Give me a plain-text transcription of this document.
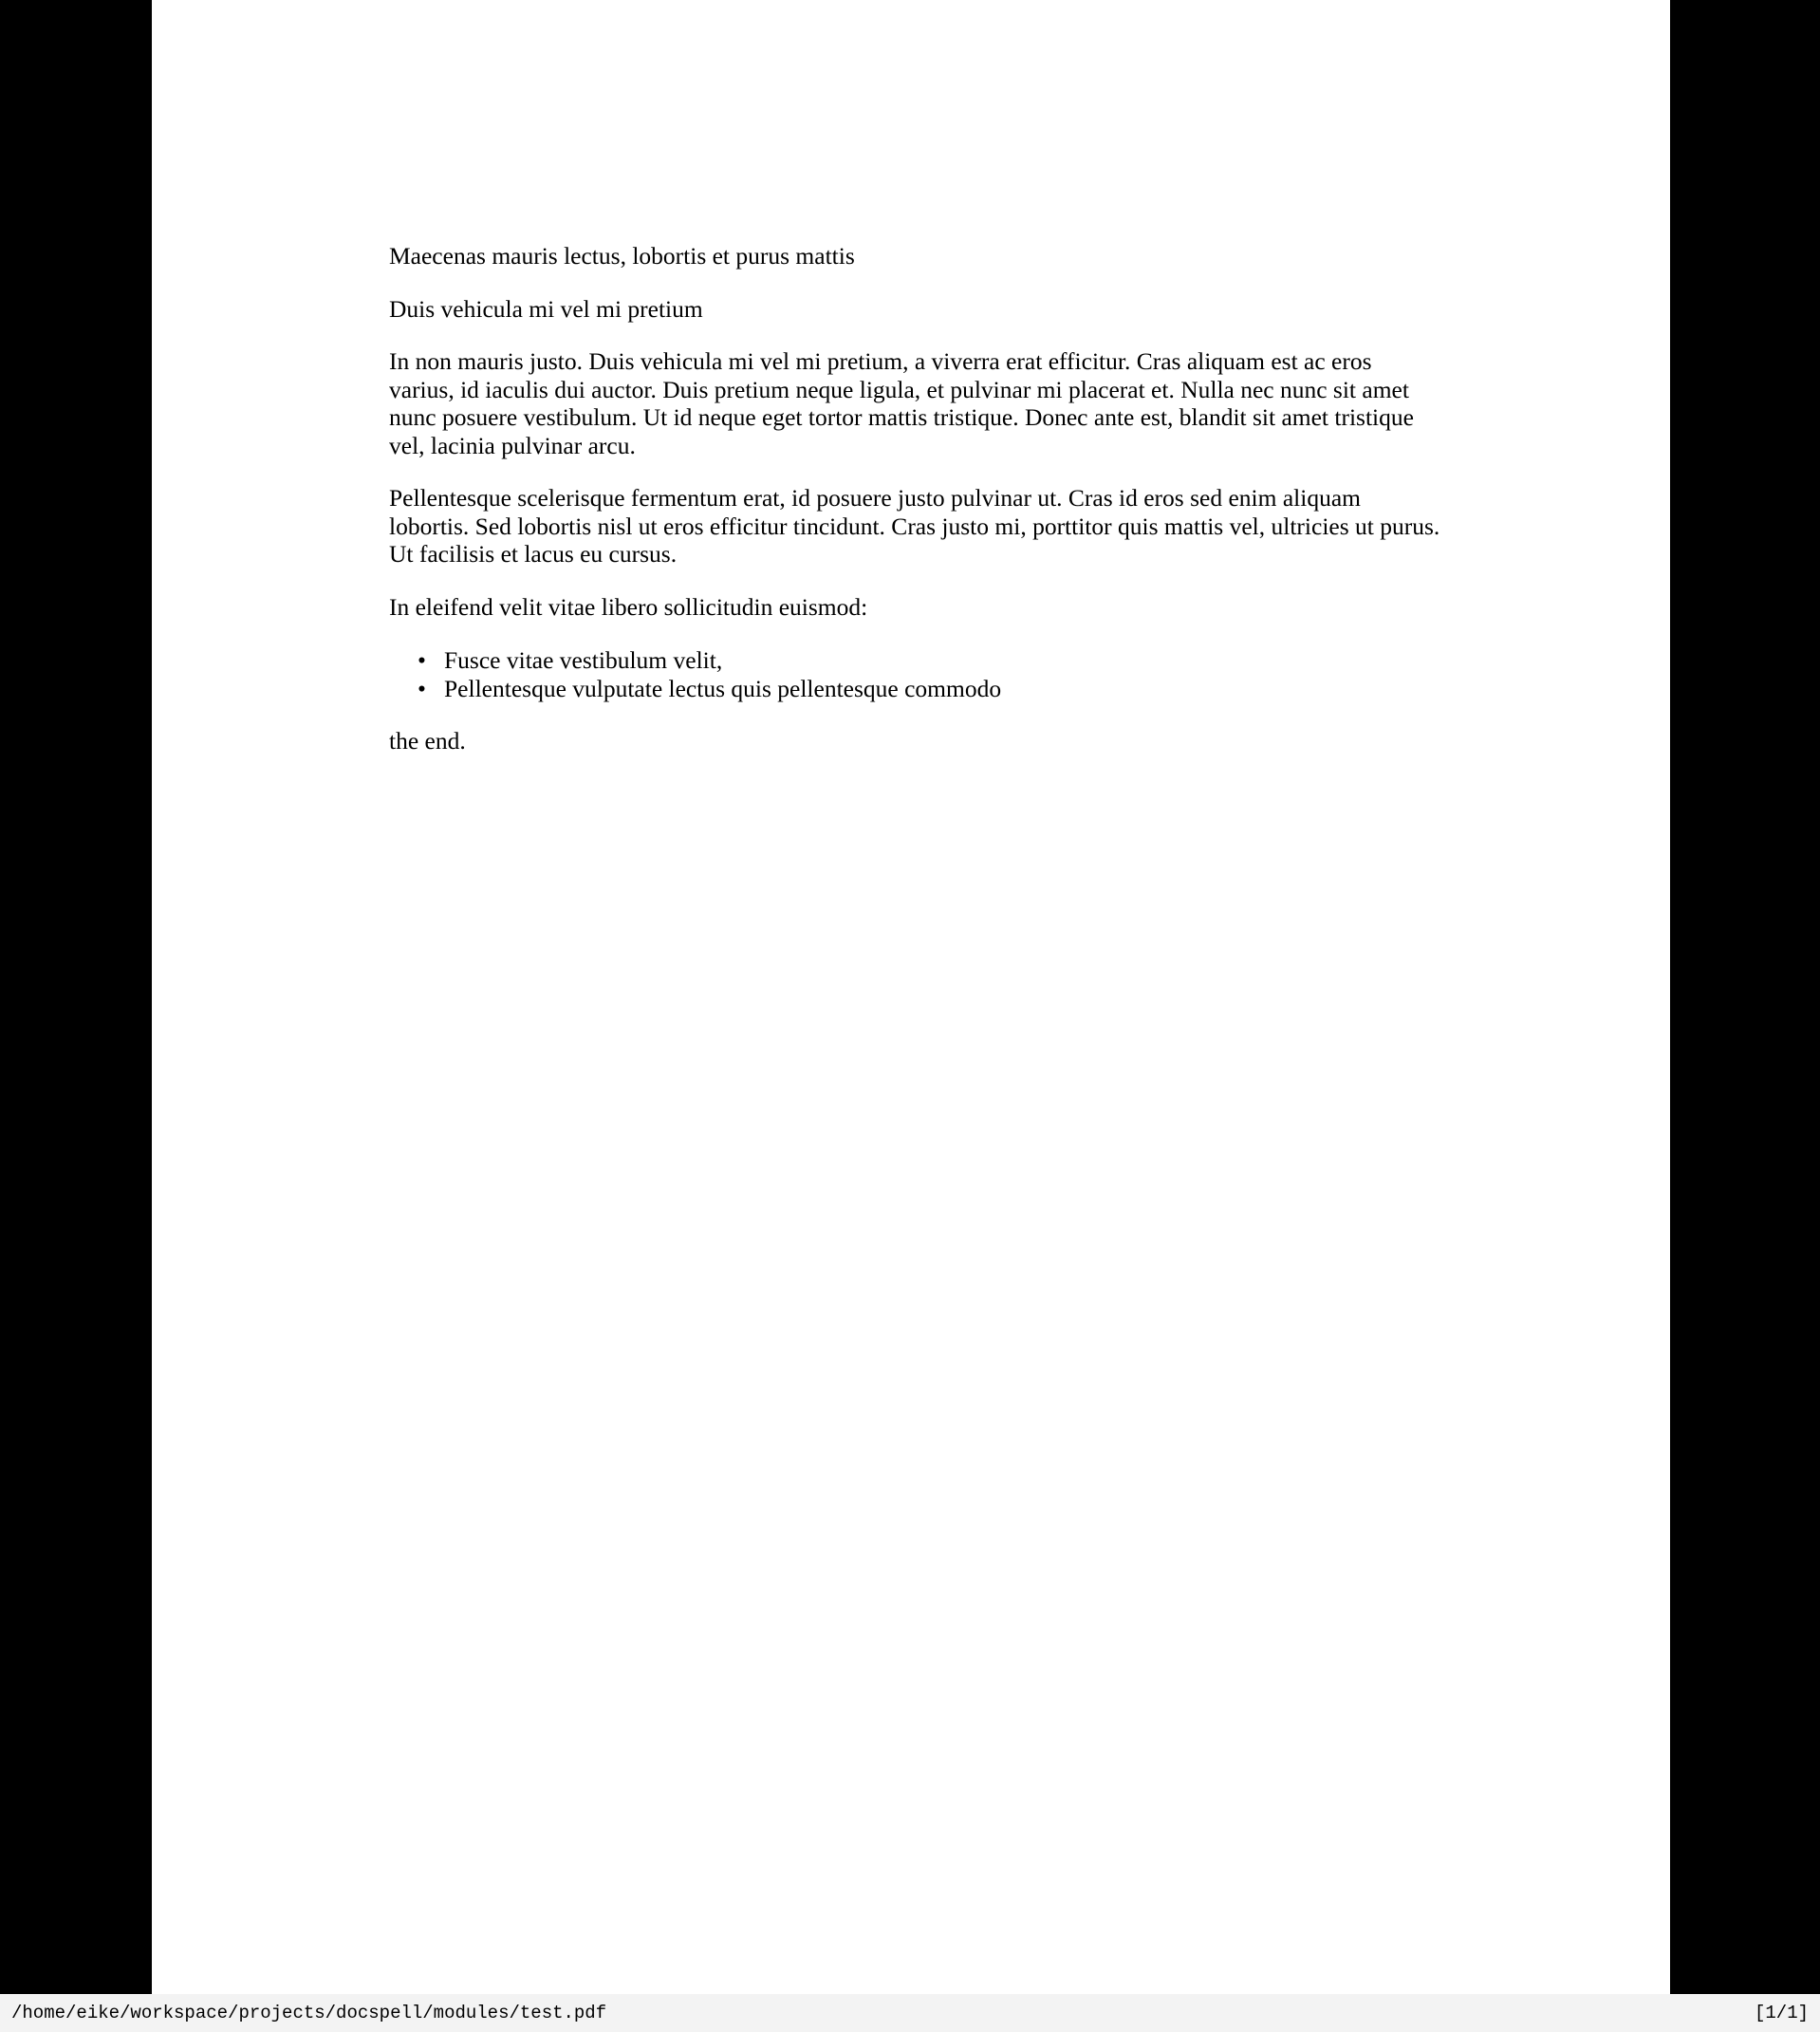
Maecenas mauris lectus, lobortis et purus mattis

Duis vehicula mi vel mi pretium

In non mauris justo. Duis vehicula mi vel mi pretium, a viverra erat efficitur. Cras aliquam est ac eros varius, id iaculis dui auctor. Duis pretium neque ligula, et pulvinar mi placerat et. Nulla nec nunc sit amet nunc posuere vestibulum. Ut id neque eget tortor mattis tristique. Donec ante est, blandit sit amet tristique vel, lacinia pulvinar arcu.

Pellentesque scelerisque fermentum erat, id posuere justo pulvinar ut. Cras id eros sed enim aliquam lobortis. Sed lobortis nisl ut eros efficitur tincidunt. Cras justo mi, porttitor quis mattis vel, ultricies ut purus. Ut facilisis et lacus eu cursus.

In eleifend velit vitae libero sollicitudin euismod:

• Fusce vitae vestibulum velit,
• Pellentesque vulputate lectus quis pellentesque commodo

the end.

/home/eike/workspace/projects/docspell/modules/test.pdf	[1/1]
